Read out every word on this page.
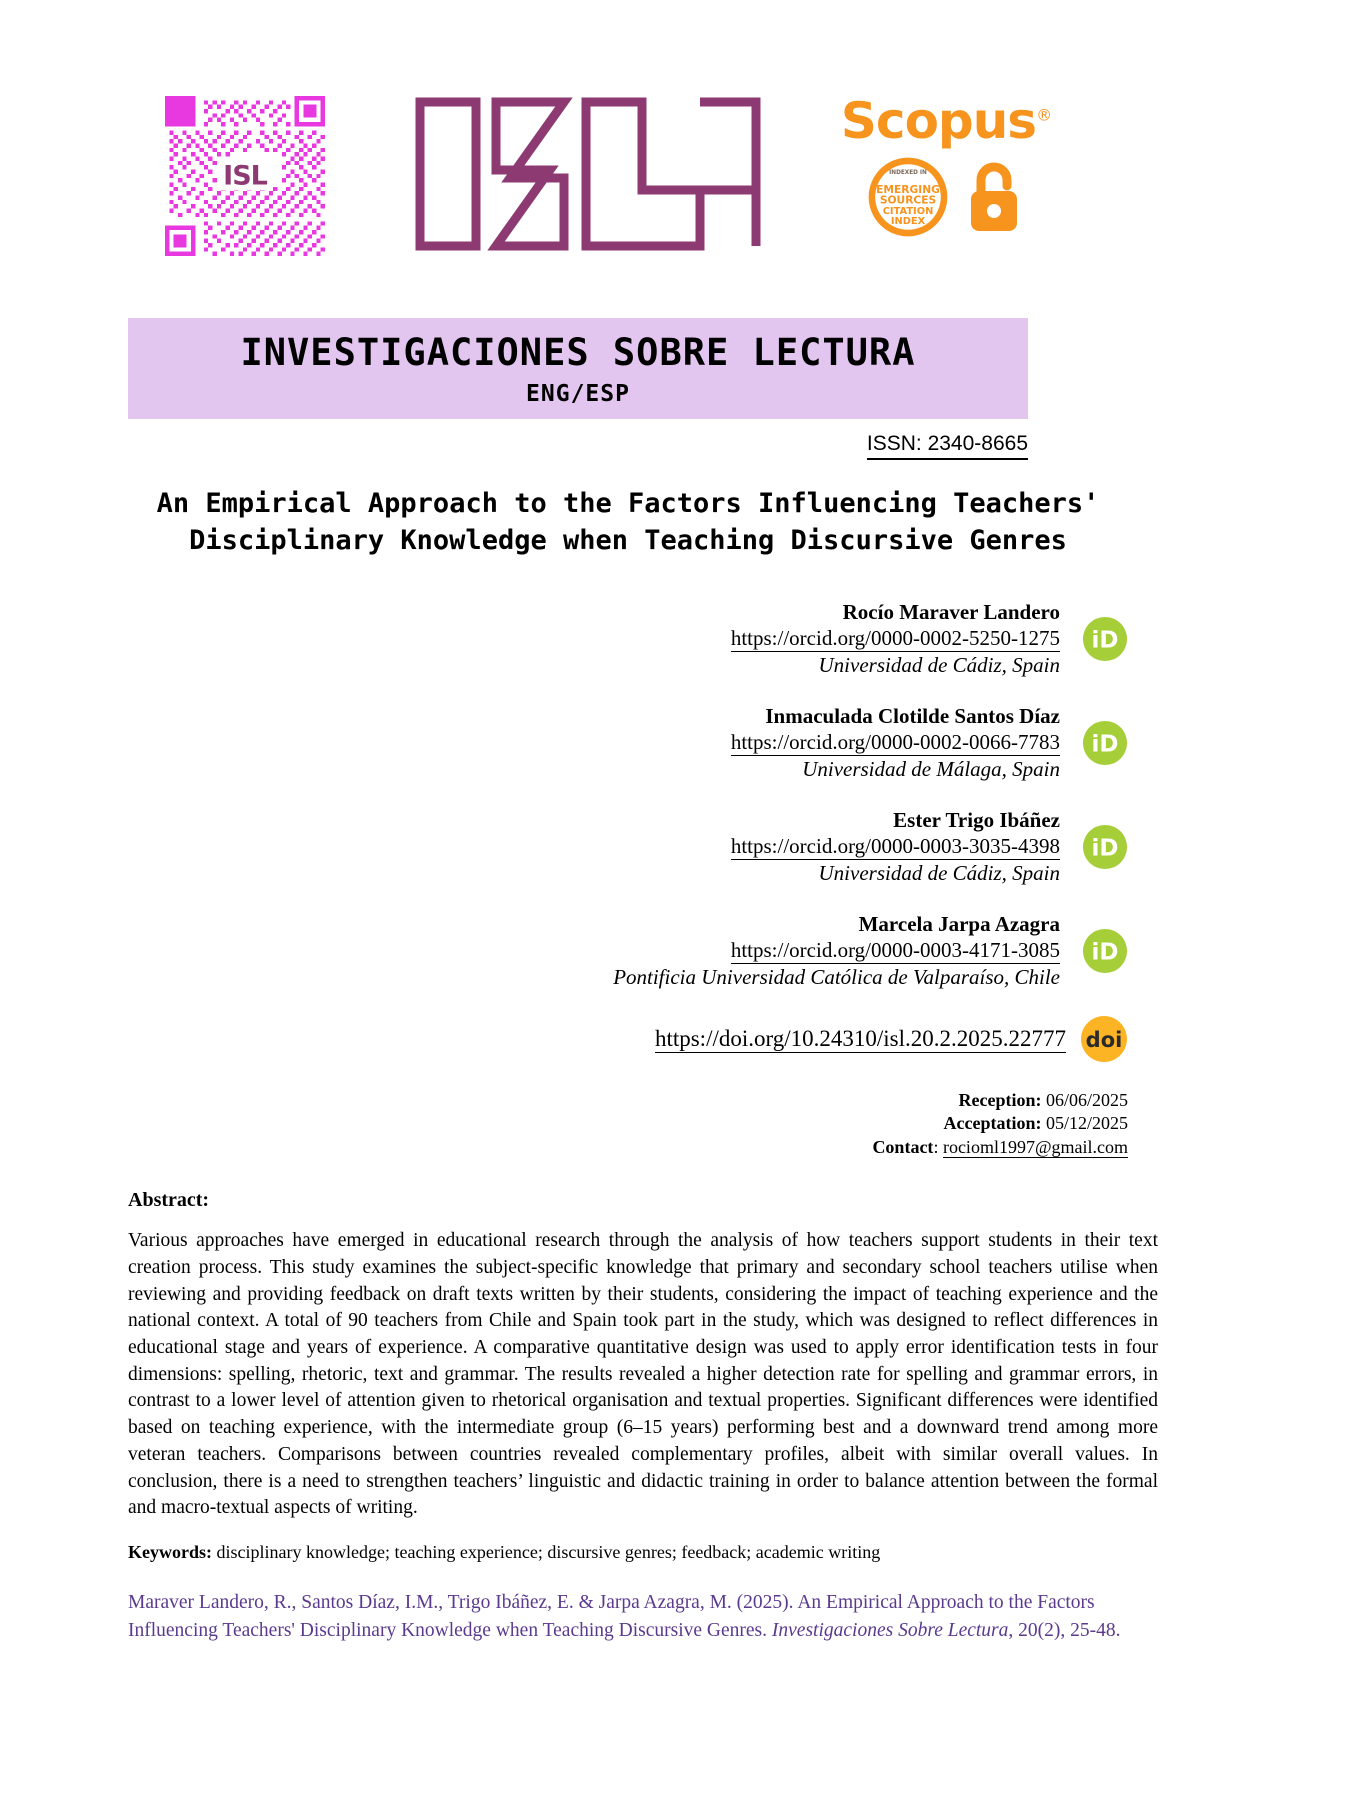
ISL
Scopus®
EMERGING
SOURCES
CITATION
INDEX
INDEXED IN
INVESTIGACIONES SOBRE LECTURA
ENG/ESP
ISSN: 2340-8665
An Empirical Approach to the Factors Influencing Teachers' Disciplinary Knowledge when Teaching Discursive Genres
Rocío Maraver Landero
https://orcid.org/0000-0002-5250-1275
Universidad de Cádiz, Spain
iD
Inmaculada Clotilde Santos Díaz
https://orcid.org/0000-0002-0066-7783
Universidad de Málaga, Spain
iD
Ester Trigo Ibáñez
https://orcid.org/0000-0003-3035-4398
Universidad de Cádiz, Spain
iD
Marcela Jarpa Azagra
https://orcid.org/0000-0003-4171-3085
Pontificia Universidad Católica de Valparaíso, Chile
iD
https://doi.org/10.24310/isl.20.2.2025.22777 doi
Reception: 06/06/2025
Acceptation: 05/12/2025
Contact: rocioml1997@gmail.com
Abstract:
Various approaches have emerged in educational research through the analysis of how teachers support students in their text creation process. This study examines the subject-specific knowledge that primary and secondary school teachers utilise when reviewing and providing feedback on draft texts written by their students, considering the impact of teaching experience and the national context. A total of 90 teachers from Chile and Spain took part in the study, which was designed to reflect differences in educational stage and years of experience. A comparative quantitative design was used to apply error identification tests in four dimensions: spelling, rhetoric, text and grammar. The results revealed a higher detection rate for spelling and grammar errors, in contrast to a lower level of attention given to rhetorical organisation and textual properties. Significant differences were identified based on teaching experience, with the intermediate group (6–15 years) performing best and a downward trend among more veteran teachers. Comparisons between countries revealed complementary profiles, albeit with similar overall values. In conclusion, there is a need to strengthen teachers’ linguistic and didactic training in order to balance attention between the formal and macro-textual aspects of writing.
Keywords: disciplinary knowledge; teaching experience; discursive genres; feedback; academic writing
Maraver Landero, R., Santos Díaz, I.M., Trigo Ibáñez, E. & Jarpa Azagra, M. (2025). An Empirical Approach to the Factors Influencing Teachers' Disciplinary Knowledge when Teaching Discursive Genres. Investigaciones Sobre Lectura, 20(2), 25-48.
